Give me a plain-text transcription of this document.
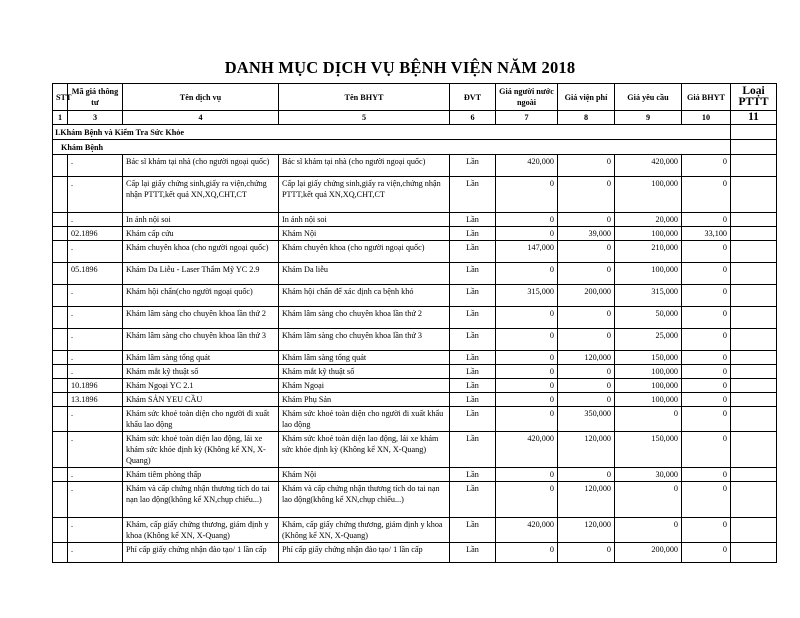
DANH MỤC DỊCH VỤ BỆNH VIỆN NĂM 2018
STT	Mã giá thông tư	Tên dịch vụ	Tên BHYT	ĐVT	Giá người nước ngoài	Giá viện phí	Giá yêu cầu	Giá BHYT	Loại PTTT
1	3	4	5	6	7	8	9	10	11
I.Khám Bệnh và Kiểm Tra Sức Khỏe									
Khám Bệnh									
	.	Bác sĩ khám tại nhà (cho người ngoại quốc)	Bác sĩ khám tại nhà (cho người ngoại quốc)	Lần	420,000	0	420,000	0	
	.	Cấp lại giấy chứng sinh,giấy ra viện,chứng nhận PTTT,kết quả XN,XQ,CHT,CT	Cấp lại giấy chứng sinh,giấy ra viện,chứng nhận PTTT,kết quả XN,XQ,CHT,CT	Lần	0	0	100,000	0	
	.	In ảnh nội soi	In ảnh nội soi	Lần	0	0	20,000	0	
	02.1896	Khám cấp cứu	Khám Nội	Lần	0	39,000	100,000	33,100	
	.	Khám chuyên khoa (cho người ngoại quốc)	Khám chuyên khoa (cho người ngoại quốc)	Lần	147,000	0	210,000	0	
	05.1896	Khám Da Liễu - Laser Thẩm Mỹ YC 2.9	Khám Da liễu	Lần	0	0	100,000	0	
	.	Khám hội chẩn(cho người ngoại quốc)	Khám hội chẩn để xác định ca bệnh khó	Lần	315,000	200,000	315,000	0	
	.	Khám lâm sàng cho chuyên khoa lần thứ 2	Khám lâm sàng cho chuyên khoa lần thứ 2	Lần	0	0	50,000	0	
	.	Khám lâm sàng cho chuyên khoa lần thứ 3	Khám lâm sàng cho chuyên khoa lần thứ 3	Lần	0	0	25,000	0	
	.	Khám lâm sàng tổng quát	Khám lâm sàng tổng quát	Lần	0	120,000	150,000	0	
	.	Khám mắt kỹ thuật số	Khám mắt kỹ thuật số	Lần	0	0	100,000	0	
	10.1896	Khám Ngoại YC 2.1	Khám Ngoại	Lần	0	0	100,000	0	
	13.1896	Khám SẢN YEU CẦU	Khám Phụ Sản	Lần	0	0	100,000	0	
	.	Khám sức khoẻ toàn diện cho người đi xuất khẩu lao động	Khám sức khoẻ toàn diện cho người đi xuất khẩu lao động	Lần	0	350,000	0	0	
	.	Khám sức khoẻ toàn diện lao động, lái xe khám sức khỏe định kỳ (Không kể XN, X-Quang)	Khám sức khoẻ toàn diện lao động, lái xe khám sức khỏe định kỳ (Không kể XN, X-Quang)	Lần	420,000	120,000	150,000	0	
	.	Khám tiêm phòng thấp	Khám Nội	Lần	0	0	30,000	0	
	.	Khám và cấp chứng nhận thương tích do tai nạn lao động(không kể XN,chụp chiếu...)	Khám và cấp chứng nhận thương tích do tai nạn lao động(không kể XN,chụp chiếu...)	Lần	0	120,000	0	0	
	.	Khám, cấp giấy chứng thương, giám định y khoa (Không kể XN, X-Quang)	Khám, cấp giấy chứng thương, giám định y khoa (Không kể XN, X-Quang)	Lần	420,000	120,000	0	0	
	.	Phí cấp giấy chứng nhận đào tạo/ 1 lần cấp	Phí cấp giấy chứng nhận đào tạo/ 1 lần cấp	Lần	0	0	200,000	0	
